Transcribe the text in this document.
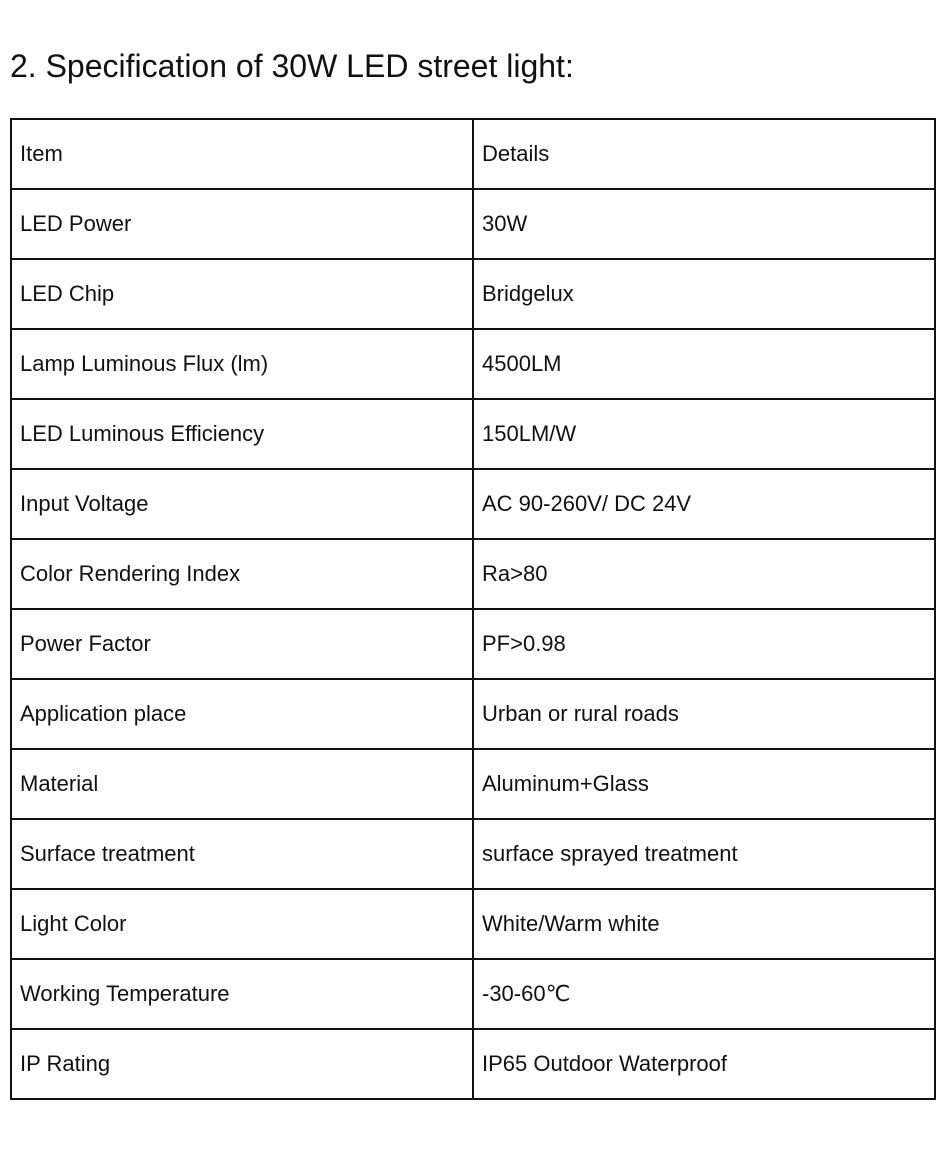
2. Specification of 30W LED street light:
Item	Details
LED Power	30W
LED Chip	Bridgelux
Lamp Luminous Flux (lm)	4500LM
LED Luminous Efficiency	150LM/W
Input Voltage	AC 90-260V/ DC 24V
Color Rendering Index	Ra>80
Power Factor	PF>0.98
Application place	Urban or rural roads
Material	Aluminum+Glass
Surface treatment	surface sprayed treatment
Light Color	White/Warm white
Working Temperature	-30-60℃
IP Rating	IP65 Outdoor Waterproof
